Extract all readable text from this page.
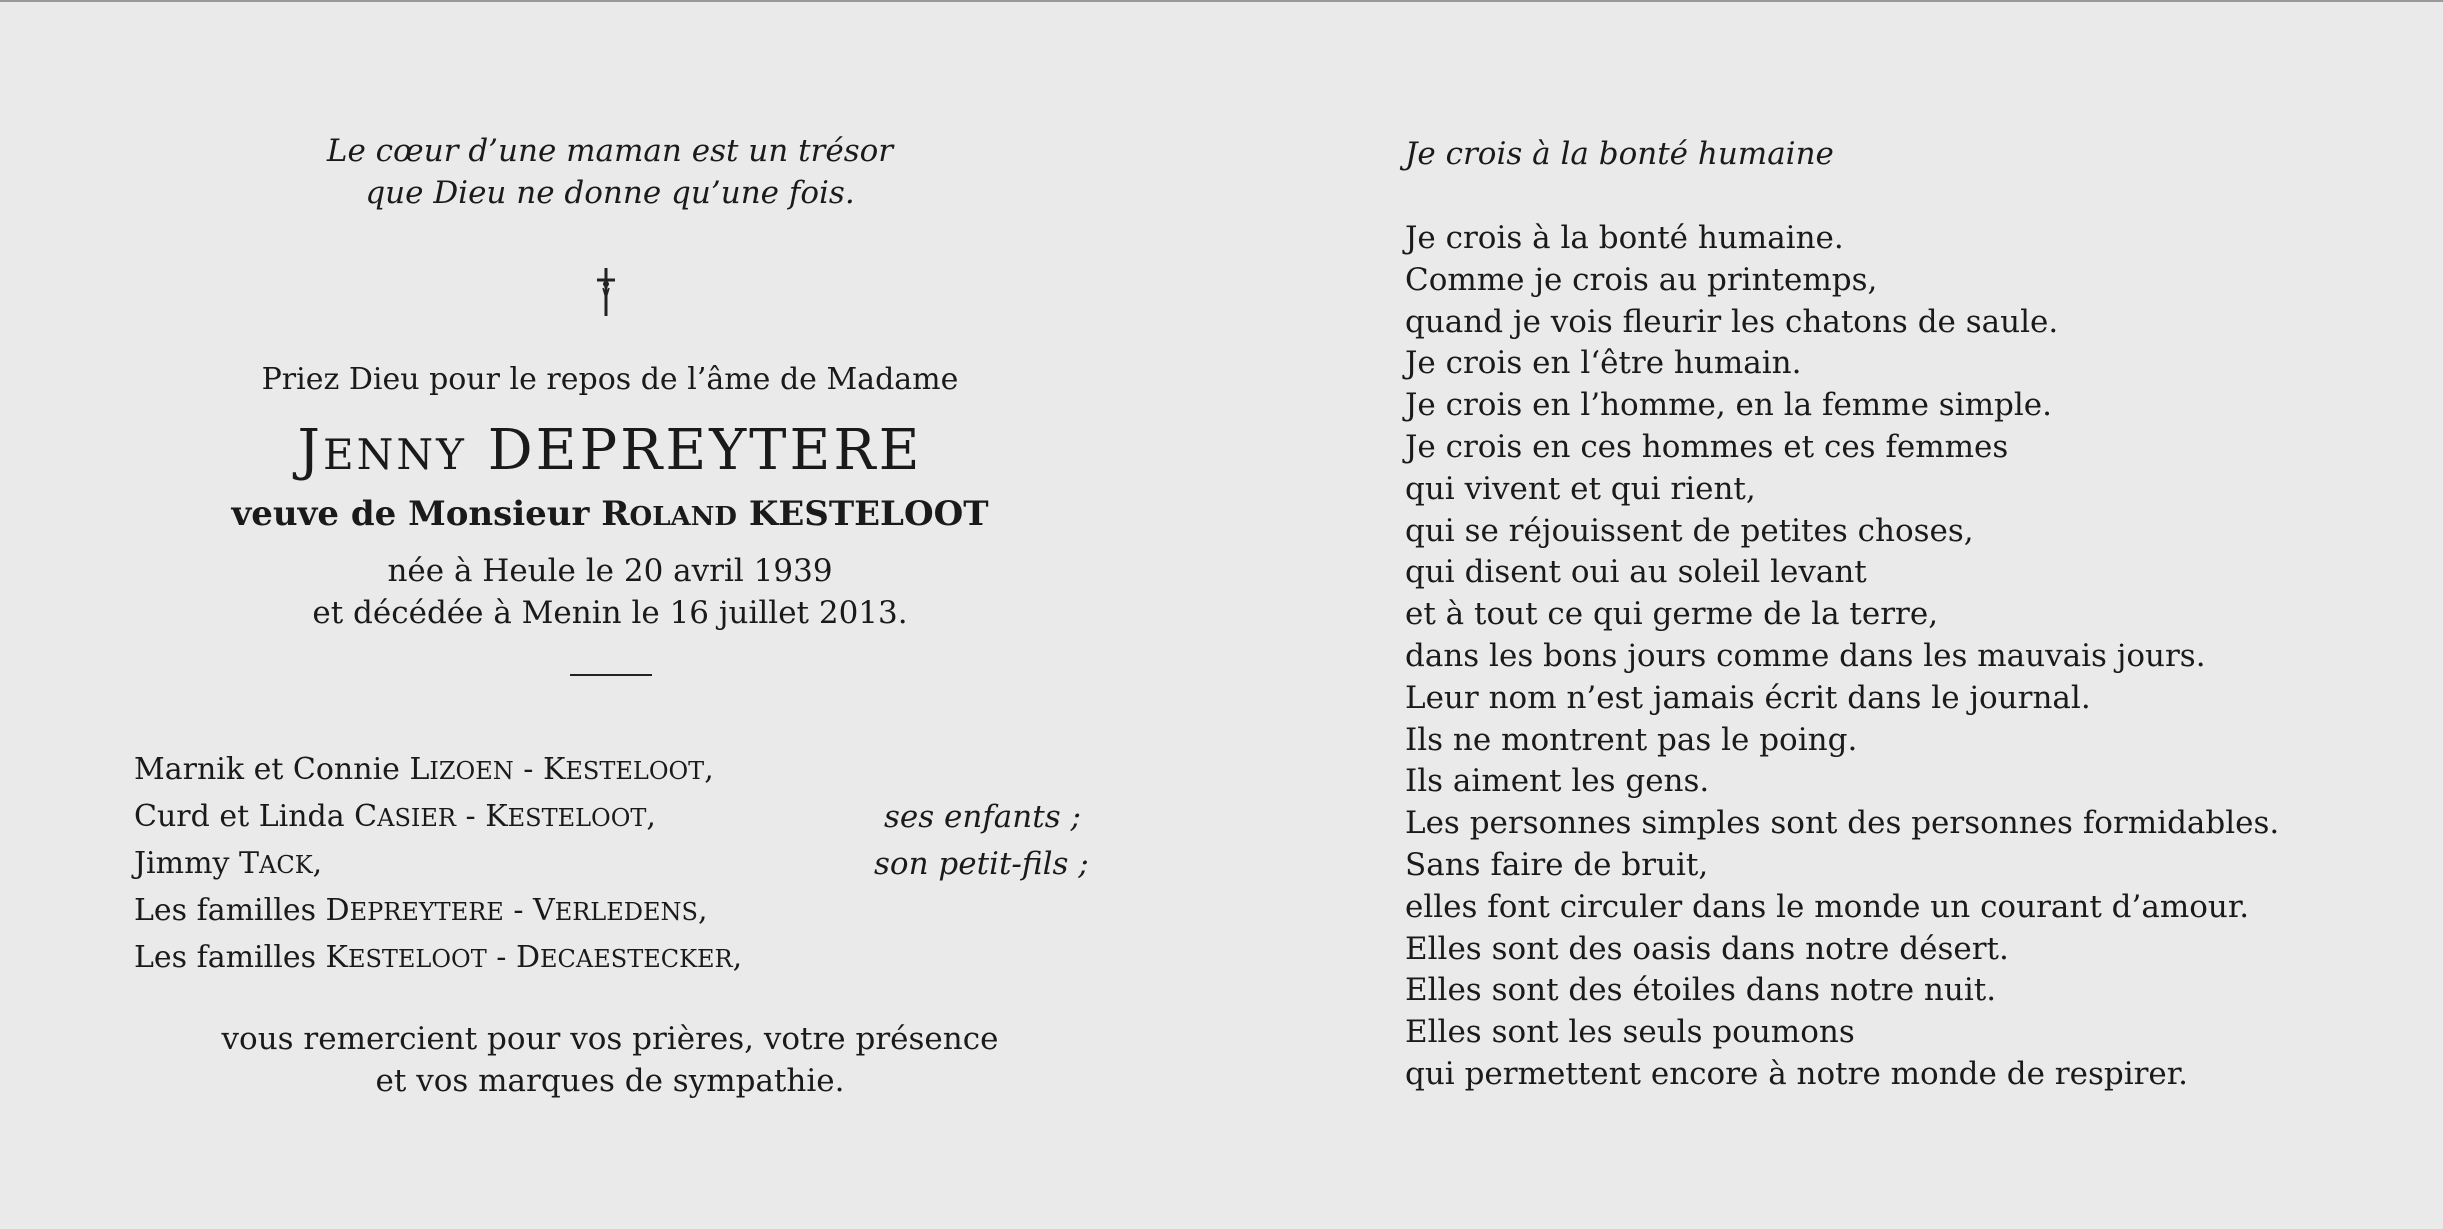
Le cœur d’une maman est un trésor
que Dieu ne donne qu’une fois.
Priez Dieu pour le repos de l’âme de Madame
JENNY DEPREYTERE
veuve de Monsieur ROLAND KESTELOOT
née à Heule le 20 avril 1939
et décédée à Menin le 16 juillet 2013.
Marnik et Connie LIZOEN - KESTELOOT,
Curd et Linda CASIER - KESTELOOT,
Jimmy TACK,
Les familles DEPREYTERE - VERLEDENS,
Les familles KESTELOOT - DECAESTECKER,
ses enfants ;
son petit-fils ;
vous remercient pour vos prières, votre présence
et vos marques de sympathie.
Je crois à la bonté humaine
Je crois à la bonté humaine.
Comme je crois au printemps,
quand je vois fleurir les chatons de saule.
Je crois en l‘être humain.
Je crois en l’homme, en la femme simple.
Je crois en ces hommes et ces femmes
qui vivent et qui rient,
qui se réjouissent de petites choses,
qui disent oui au soleil levant
et à tout ce qui germe de la terre,
dans les bons jours comme dans les mauvais jours.
Leur nom n’est jamais écrit dans le journal.
Ils ne montrent pas le poing.
Ils aiment les gens.
Les personnes simples sont des personnes formidables.
Sans faire de bruit,
elles font circuler dans le monde un courant d’amour.
Elles sont des oasis dans notre désert.
Elles sont des étoiles dans notre nuit.
Elles sont les seuls poumons
qui permettent encore à notre monde de respirer.
